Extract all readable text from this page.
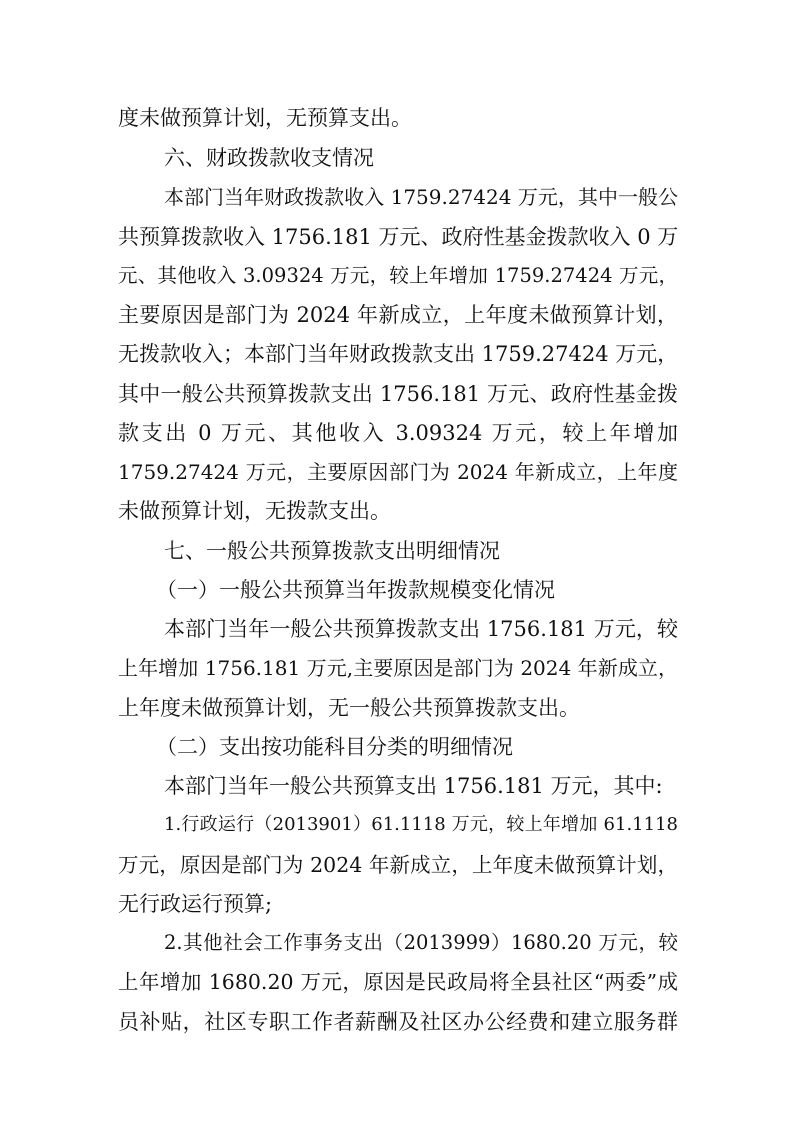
度未做预算计划，无预算支出。
六、财政拨款收支情况
本部门当年财政拨款收入 1759.27424 万元，其中一般公
共预算拨款收入 1756.181 万元、政府性基金拨款收入 0 万
元、其他收入 3.09324 万元，较上年增加 1759.27424 万元，
主要原因是部门为 2024 年新成立，上年度未做预算计划，
无拨款收入；本部门当年财政拨款支出 1759.27424 万元，
其中一般公共预算拨款支出 1756.181 万元、政府性基金拨
款支出 0 万元、其他收入 3.09324 万元，较上年增加
1759.27424 万元，主要原因部门为 2024 年新成立，上年度
未做预算计划，无拨款支出。
七、一般公共预算拨款支出明细情况
（一）一般公共预算当年拨款规模变化情况
本部门当年一般公共预算拨款支出 1756.181 万元，较
上年增加 1756.181 万元,主要原因是部门为 2024 年新成立，
上年度未做预算计划，无一般公共预算拨款支出。
（二）支出按功能科目分类的明细情况
本部门当年一般公共预算支出 1756.181 万元，其中:
1.行政运行（2013901）61.1118 万元，较上年增加 61.1118
万元，原因是部门为 2024 年新成立，上年度未做预算计划，
无行政运行预算;
2.其他社会工作事务支出（2013999）1680.20 万元，较
上年增加 1680.20 万元，原因是民政局将全县社区“两委”成
员补贴，社区专职工作者薪酬及社区办公经费和建立服务群
